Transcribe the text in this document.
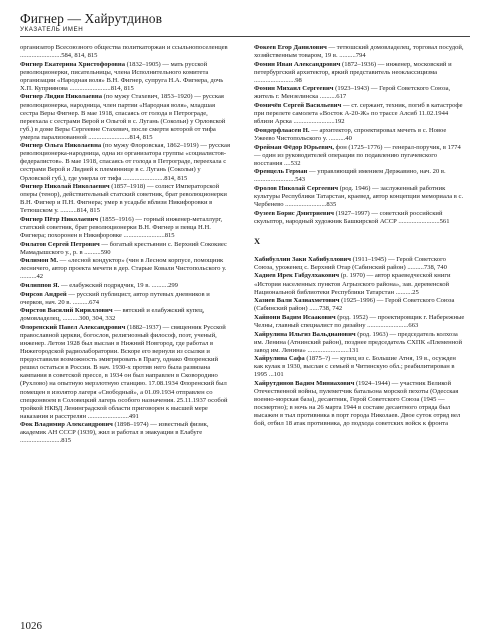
Фигнер — Хайрутдинов
УКАЗАТЕЛЬ ИМЕН
организатор Всесоюзного общества политкаторжан и ссыльнопоселенцев .........................584, 814, 815
Фигнер Екатерина Христофоровна (1832–1905) — мать русской революционерки, писательницы, члена Исполнительного комитета организации «Народная воля» В.Н. Фигнер, супруга Н.А. Фигнера, дочь Х.П. Куприянова .........................814, 815
Фигнер Лидия Николаевна (по мужу Стахевич, 1853–1920) — русская революционерка, народница, член партии «Народная воля», младшая сестра Веры Фигнер. В мае 1918, спасаясь от голода в Петрограде, переехала с сестрами Верой и Ольгой в с. Лугань (Сокольи) у Орловской губ.) в доме Веры Сергеевне Стахевич, после смерти которой от тифа умерла парализованной .........................814, 815
Фигнер Ольга Николаевна (по мужу Флоровская, 1862–1919) — русская революционерка-народница, одна из организатора группы «социалистов-федералистов». В мае 1918, спасаясь от голода в Петрограде, переехала с сестрами Верой и Лидией к племяннице в с. Лугань (Сокольи) у Орловской губ.), где умерла от тифа .........................814, 815
Фигнер Николай Николаевич (1857–1918) — солист Императорской оперы (тенор), действительный статский советник, брат революционерки В.Н. Фигнер и П.Н. Фигнера; умер в усадьбе вблизи Никифоровки в Тетюшском у. ..........814, 815
Фигнер Пётр Николаевич (1855–1916) — горный инженер-металлург, статский советник, брат революционерки В.Н. Фигнер и певца Н.Н. Фигнера; похоронен в Никифоровке .........................815
Филатов Сергей Петрович — богатый крестьянин с. Верхний Сококиес Мамадышского у., р. в ..........590
Филимон М. — «лесной кондуктор» (чин в Лесном корпусе, помощник лесничего, автор проекта мечети в дер. Старые Ковали Чистопольского у. ..........42
Филиппов Я. — елабужский подрядчик, 19 в. ..........299
Фирсов Андрей — русский публицист, автор путевых дневников и очерков, нач. 20 в. ..........674
Фирстов Василий Кириллович — вятский и елабужский купец, домовладелец, ..........300, 304, 332
Флоренский Павел Александрович (1882–1937) — священник Русской православной церкви, богослов, религиозный философ, поэт, ученый, инженер. Летом 1928 был выслан в Нижний Новгород, где работал в Нижегородской радиолаборатории. Вскоре его вернули из ссылки и предоставили возможность эмигрировать в Прагу, однако Флоренский решил остаться в России. В нач. 1930-х против него была развязана кампания в советской прессе, в 1934 он был направлен в Сковородино (Рухлово) на опытную мерзлотную станцию. 17.08.1934 Флоренский был помещен в изолятор лагеря «Свободный», а 01.09.1934 отправлен со спецконвоем в Соловецкий лагерь особого назначения. 25.11.1937 особой тройкой НКВД Ленинградской области приговорен к высшей мере наказания и расстрелян .........................491
Фок Владимир Александрович (1898–1974) — известный физик, академик АН СССР (1939), жил и работал в эвакуации в Елабуге .........................815
Фокеев Егор Данилович — тетюшский домовладелец, торговал посудой, хозяйственным товаром, 19 в. ..........794
Фомин Иван Александрович (1872–1936) — инженер, московский и петербургский архитектор, яркий представитель неоклассицизма .........................98
Фомин Михаил Сергеевич (1923–1943) — Герой Советского Союза, житель г. Мензелинска ..........617
Фомичёв Сергей Васильевич — ст. сержант, техник, погиб в катастрофе при перелете самолета «Восток А-20-Ж» по трассе Алсиб 11.02.1944 вблизи Арска .........................192
Фондерфлаасен Н. — архитектор, спроектировал мечеть в с. Новое Ужеево Чистопольского у. ..........40
Фрейман Фёдор Юрьевич, фон (1725–1776) — генерал-поручик, в 1774 — один из руководителей операции по подавлению пугачевского восстания ....532
Френцель Герман — управляющий имением Державино, нач. 20 в. .........................543
Фролов Николай Сергеевич (род. 1946) — заслуженный работник культуры Республики Татарстан, краевед, автор концепции мемориала в с. Чербенево .........................835
Фузеев Борис Дмитриевич (1927–1997) — советский российский скульптор, народный художник Башкирской АССР .........................561
Х
Хабибуллин Заки Хабибуллович (1911–1945) — Герой Советского Союза, уроженец с. Верхний Отар (Сабинский район) ..........738, 740
Хадиев Ирек Габдулхакович (р. 1970) — автор краеведческой книги «История населенных пунктов Агрызского района», зав. деревенской Национальной библиотеки Республики Татарстан ..........25
Хазиев Вали Хазиахметович (1925–1996) — Герой Советского Союза (Сабинский район) ......738, 742
Хайвони Вадим Исаакович (род. 1952) — проектировщик г. Набережные Челны, главный специалист по дизайну .........................663
Хайрулина Ильгиз Вальдианович (род. 1963) — председатель колхоза им. Ленина (Атнинский район), позднее председатель СХПК «Племенной завод им. Ленина» .........................131
Хайрулина Сафа (1875–?) — купец из с. Большие Атня, 19 в., осужден как кулак в 1930, выслан с семьей в Читинскую обл.; реабилитирован в 1995 ...101
Хайрутдинов Вадим Миниахович (1924–1944) — участник Великой Отечественной войны, пулеметчик батальона морской пехоты (Одесская военно-морская база), десантник, Герой Советского Союза (1945 — посмертно); в ночь на 26 марта 1944 в составе десантного отряда был высажен в тыл противника в порт города Николаев. Двое суток отряд вел бой, отбил 18 атак противника, до подхода советских войск к фронта
1026
